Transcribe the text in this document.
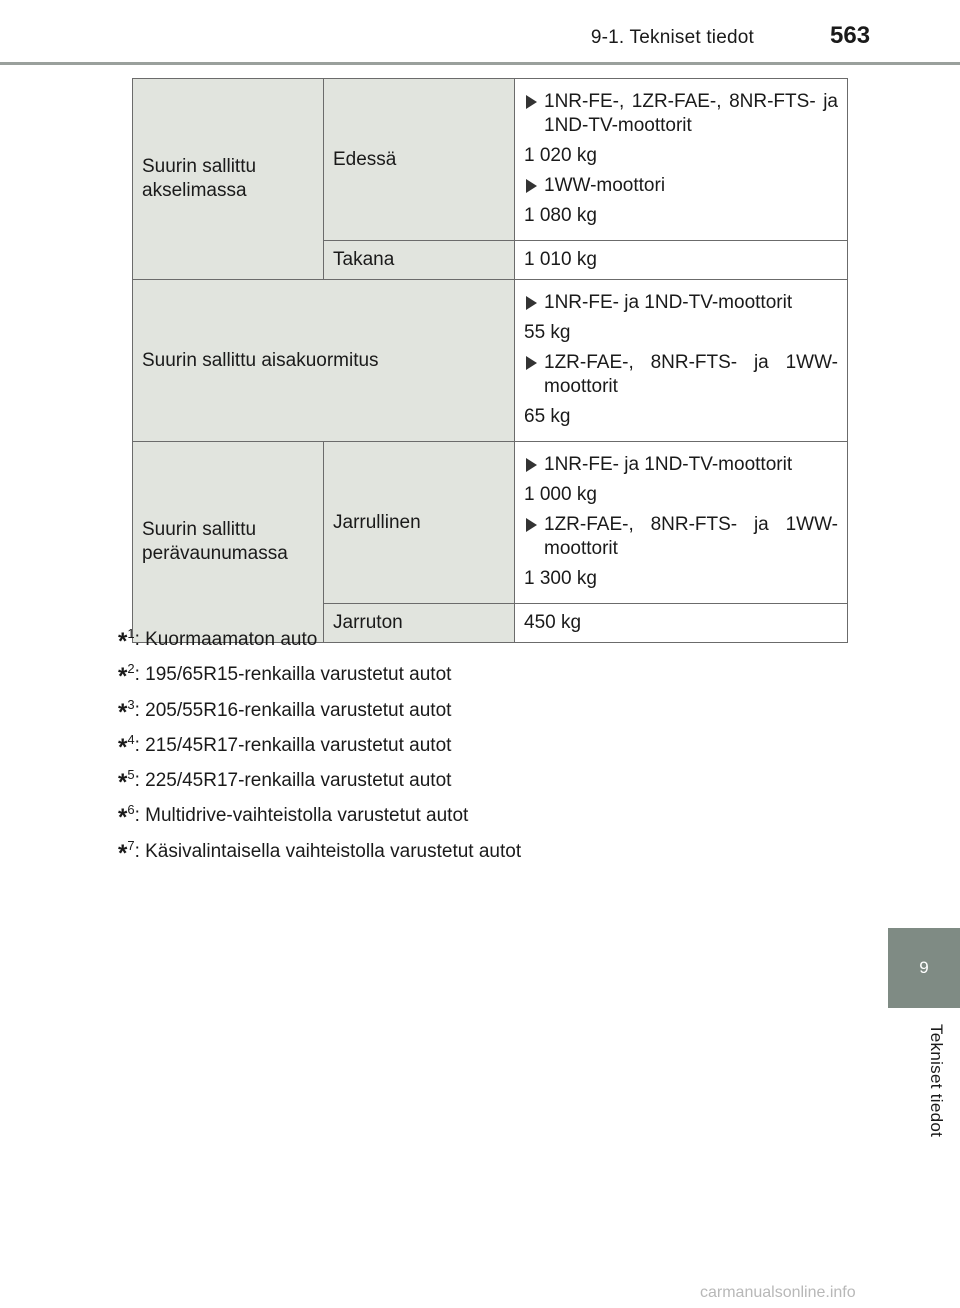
9-1. Tekniset tiedot	563
9
Tekniset tiedot
Suurin sallittu akselimassa	Edessä	1NR-FE-, 1ZR-FAE-, 8NR-FTS- ja 1ND-TV-moottorit
1 020 kg
1WW-moottori
1 080 kg

	Takana	1 010 kg
Suurin sallittu aisakuormitus		1NR-FE- ja 1ND-TV-moottorit
55 kg
1ZR-FAE-, 8NR-FTS- ja 1WW-moottorit
65 kg

Suurin sallittu perävaunumassa	Jarrullinen	1NR-FE- ja 1ND-TV-moottorit
1 000 kg
1ZR-FAE-, 8NR-FTS- ja 1WW-moottorit
1 300 kg

	Jarruton	450 kg
*$^1$: Kuormaamaton auto
*$^2$: 195/65R15-renkailla varustetut autot
*$^3$: 205/55R16-renkailla varustetut autot
*$^4$: 215/45R17-renkailla varustetut autot
*$^5$: 225/45R17-renkailla varustetut autot
*$^6$: Multidrive-vaihteistolla varustetut autot
*$^7$: Käsivalintaisella vaihteistolla varustetut autot
carmanualsonline.info
